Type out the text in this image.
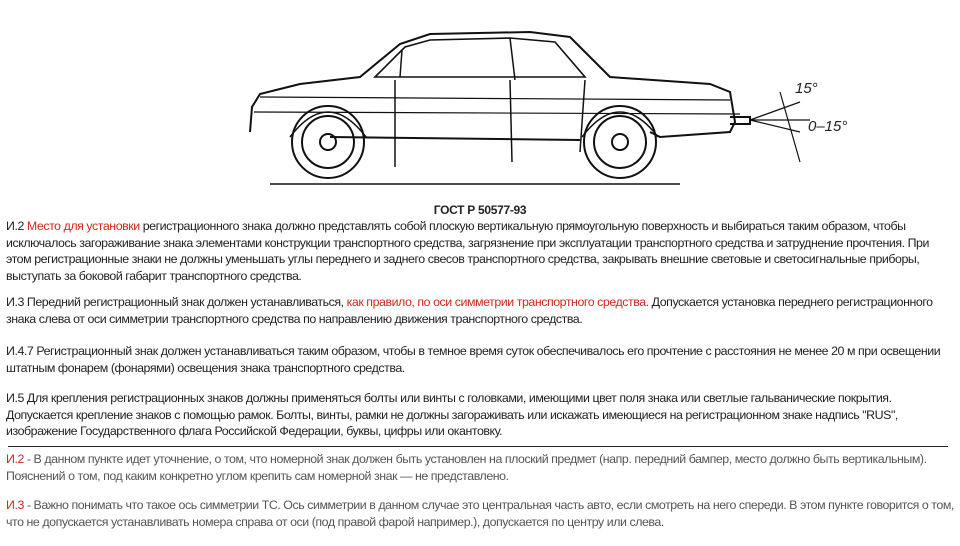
15°
0–15°
ГОСТ Р 50577-93
И.2 Место для установки регистрационного знака должно представлять собой плоскую вертикальную прямоугольную поверхность и выбираться таким образом, чтобы исключалось загораживание знака элементами конструкции транспортного средства, загрязнение при эксплуатации транспортного средства и затруднение прочтения. При этом регистрационные знаки не должны уменьшать углы переднего и заднего свесов транспортного средства, закрывать внешние световые и светосигнальные приборы, выступать за боковой габарит транспортного средства.
И.3 Передний регистрационный знак должен устанавливаться, как правило, по оси симметрии транспортного средства. Допускается установка переднего регистрационного знака слева от оси симметрии транспортного средства по направлению движения транспортного средства.
И.4.7 Регистрационный знак должен устанавливаться таким образом, чтобы в темное время суток обеспечивалось его прочтение с расстояния не менее 20 м при освещении штатным фонарем (фонарями) освещения знака транспортного средства.
И.5 Для крепления регистрационных знаков должны применяться болты или винты с головками, имеющими цвет поля знака или светлые гальванические покрытия. Допускается крепление знаков с помощью рамок. Болты, винты, рамки не должны загораживать или искажать имеющиеся на регистрационном знаке надпись "RUS", изображение Государственного флага Российской Федерации, буквы, цифры или окантовку.
И.2 - В данном пункте идет уточнение, о том, что номерной знак должен быть установлен на плоский предмет (напр. передний бампер, место должно быть вертикальным). Пояснений о том, под каким конкретно углом крепить сам номерной знак — не представлено.
И.3 - Важно понимать что такое ось симметрии ТС. Ось симметрии в данном случае это центральная часть авто, если смотреть на него спереди. В этом пункте говорится о том, что не допускается устанавливать номера справа от оси (под правой фарой например.), допускается по центру или слева.
